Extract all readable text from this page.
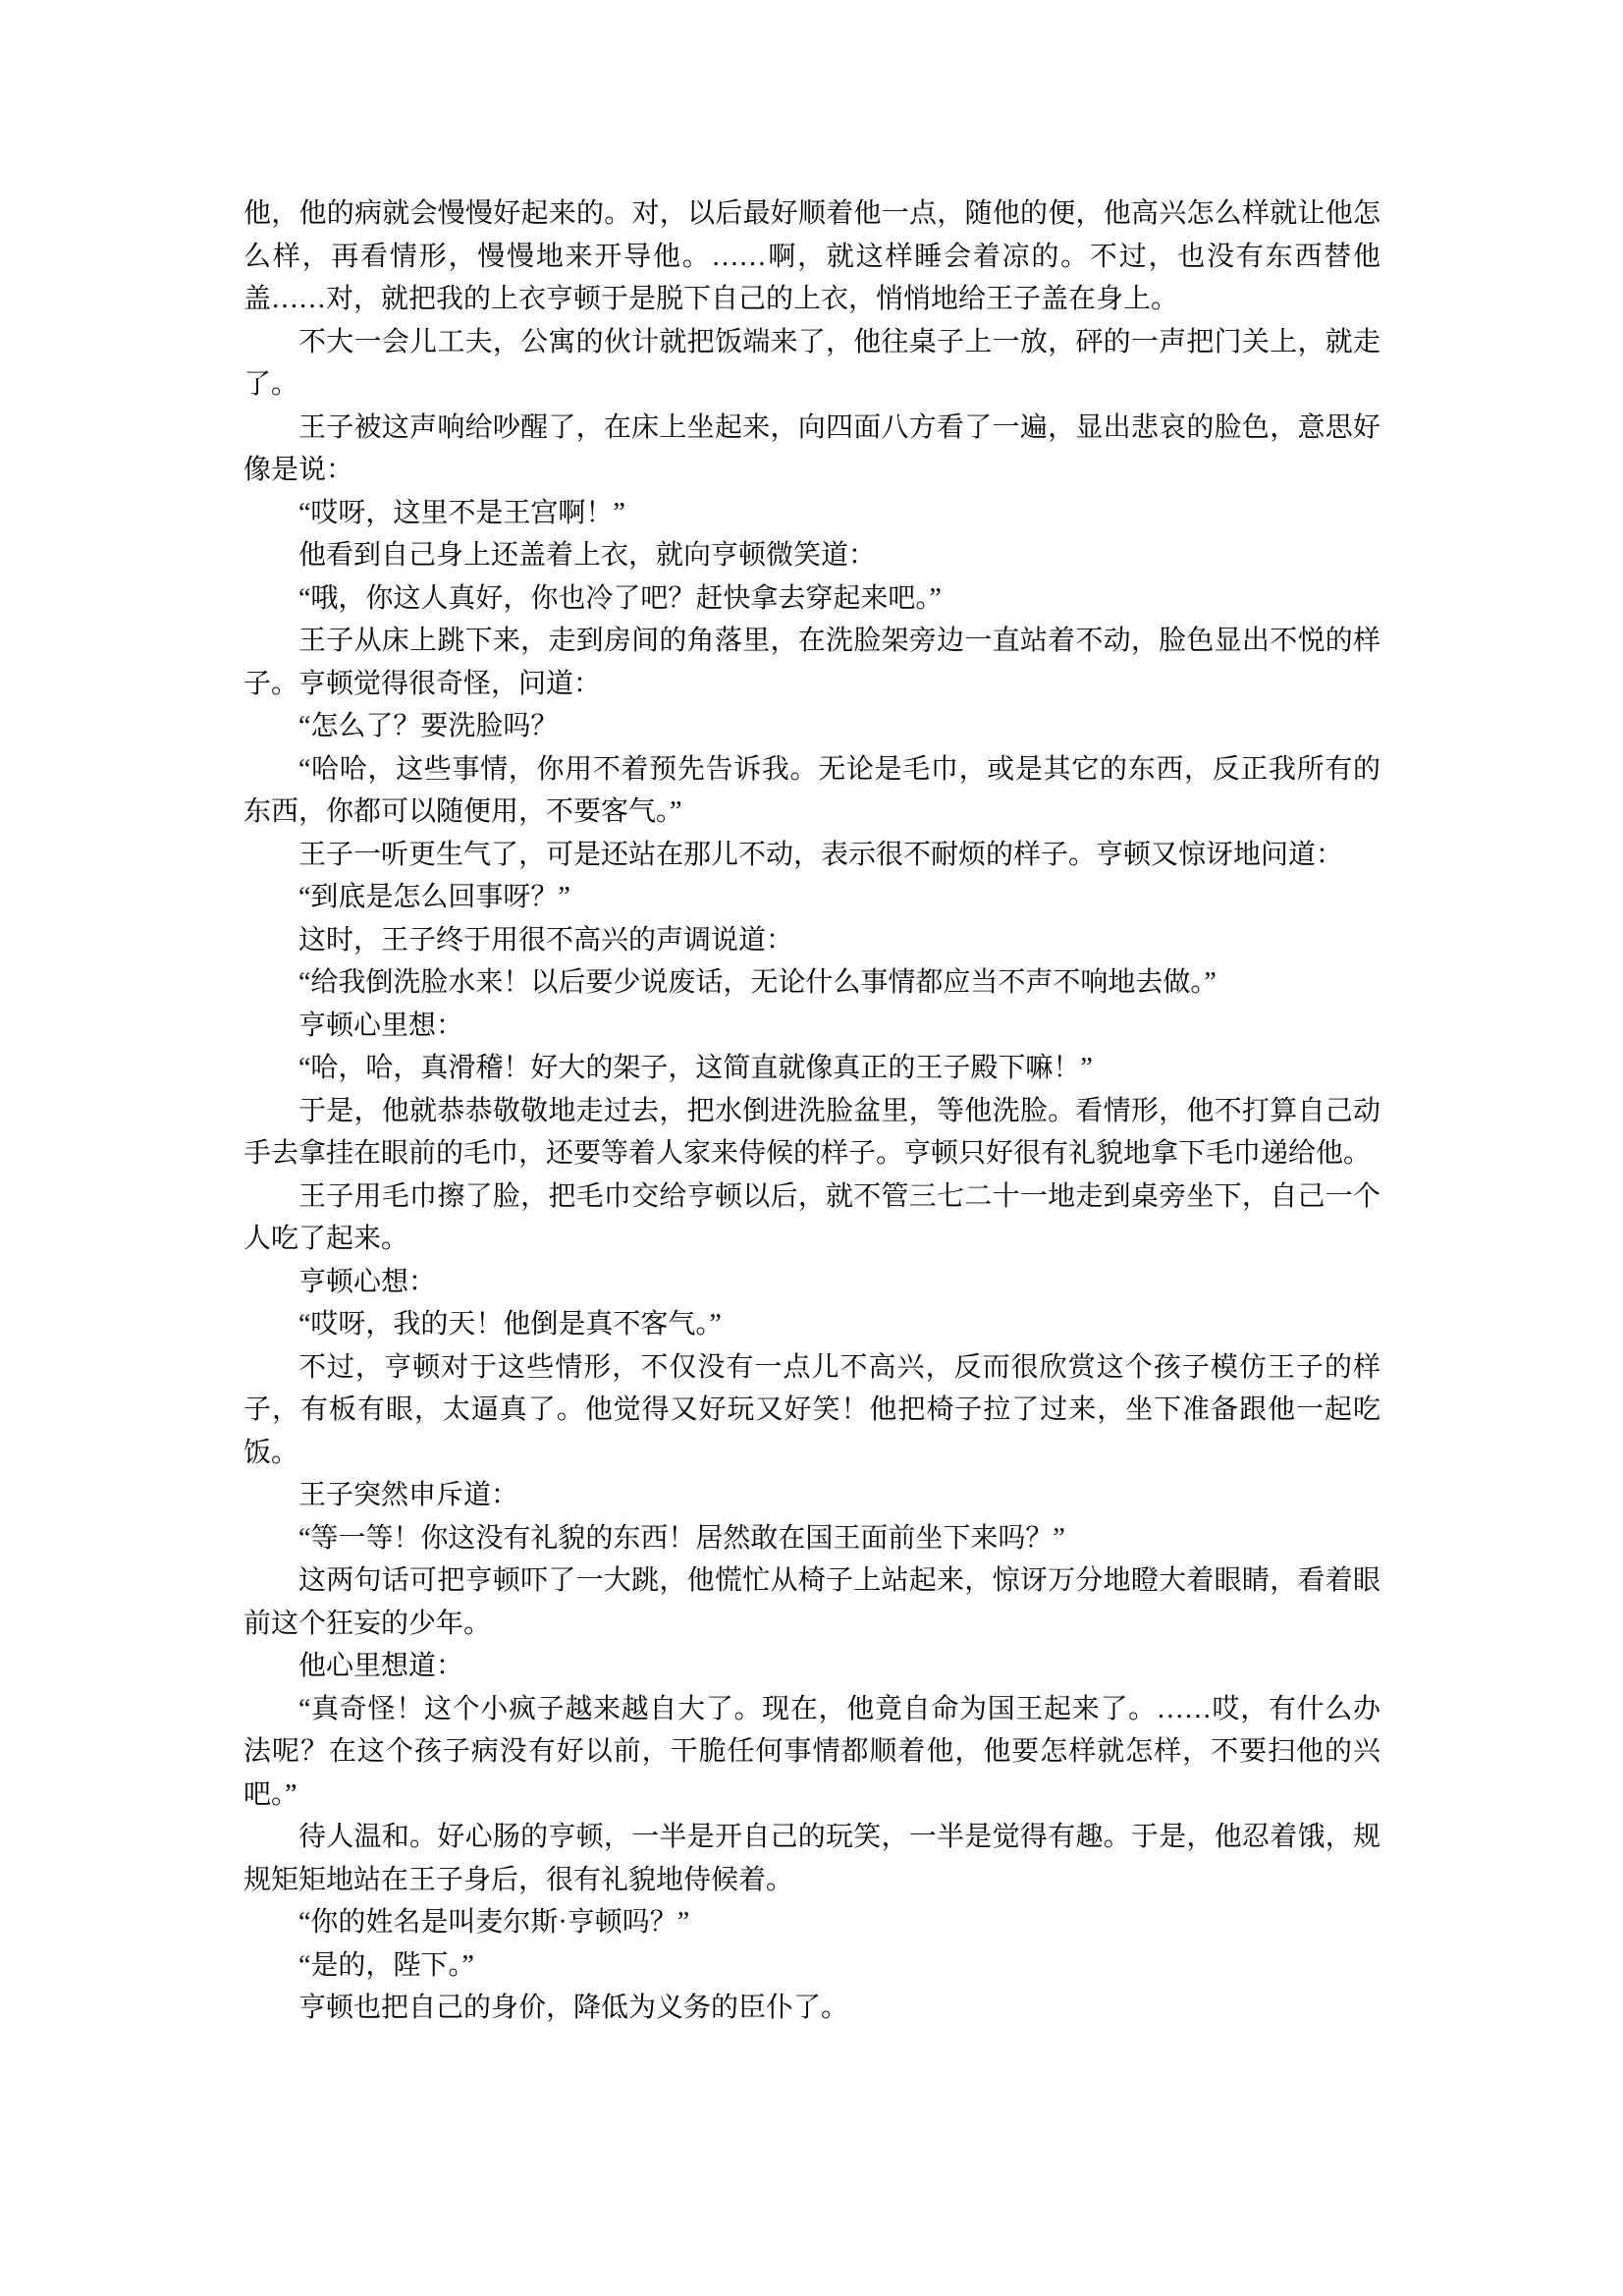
他，他的病就会慢慢好起来的。对，以后最好顺着他一点，随他的便，他高兴怎么样就让他怎么样，再看情形，慢慢地来开导他。……啊，就这样睡会着凉的。不过，也没有东西替他盖……对，就把我的上衣亨顿于是脱下自己的上衣，悄悄地给王子盖在身上。

不大一会儿工夫，公寓的伙计就把饭端来了，他往桌子上一放，砰的一声把门关上，就走了。

王子被这声响给吵醒了，在床上坐起来，向四面八方看了一遍，显出悲哀的脸色，意思好像是说：

“哎呀，这里不是王宫啊！”

他看到自己身上还盖着上衣，就向亨顿微笑道：

“哦，你这人真好，你也冷了吧？赶快拿去穿起来吧。”

王子从床上跳下来，走到房间的角落里，在洗脸架旁边一直站着不动，脸色显出不悦的样子。亨顿觉得很奇怪，问道：

“怎么了？要洗脸吗？

“哈哈，这些事情，你用不着预先告诉我。无论是毛巾，或是其它的东西，反正我所有的东西，你都可以随便用，不要客气。”

王子一听更生气了，可是还站在那儿不动，表示很不耐烦的样子。亨顿又惊讶地问道：

“到底是怎么回事呀？”

这时，王子终于用很不高兴的声调说道：

“给我倒洗脸水来！以后要少说废话，无论什么事情都应当不声不响地去做。”

亨顿心里想：

“哈，哈，真滑稽！好大的架子，这简直就像真正的王子殿下嘛！”

于是，他就恭恭敬敬地走过去，把水倒进洗脸盆里，等他洗脸。看情形，他不打算自己动手去拿挂在眼前的毛巾，还要等着人家来侍候的样子。亨顿只好很有礼貌地拿下毛巾递给他。

王子用毛巾擦了脸，把毛巾交给亨顿以后，就不管三七二十一地走到桌旁坐下，自己一个人吃了起来。

亨顿心想：

“哎呀，我的天！他倒是真不客气。”

不过，亨顿对于这些情形，不仅没有一点儿不高兴，反而很欣赏这个孩子模仿王子的样子，有板有眼，太逼真了。他觉得又好玩又好笑！他把椅子拉了过来，坐下准备跟他一起吃饭。

王子突然申斥道：

“等一等！你这没有礼貌的东西！居然敢在国王面前坐下来吗？”

这两句话可把亨顿吓了一大跳，他慌忙从椅子上站起来，惊讶万分地瞪大着眼睛，看着眼前这个狂妄的少年。

他心里想道：

“真奇怪！这个小疯子越来越自大了。现在，他竟自命为国王起来了。……哎，有什么办法呢？在这个孩子病没有好以前，干脆任何事情都顺着他，他要怎样就怎样，不要扫他的兴吧。”

待人温和。好心肠的亨顿，一半是开自己的玩笑，一半是觉得有趣。于是，他忍着饿，规规矩矩地站在王子身后，很有礼貌地侍候着。

“你的姓名是叫麦尔斯·亨顿吗？”

“是的，陛下。”

亨顿也把自己的身价，降低为义务的臣仆了。
